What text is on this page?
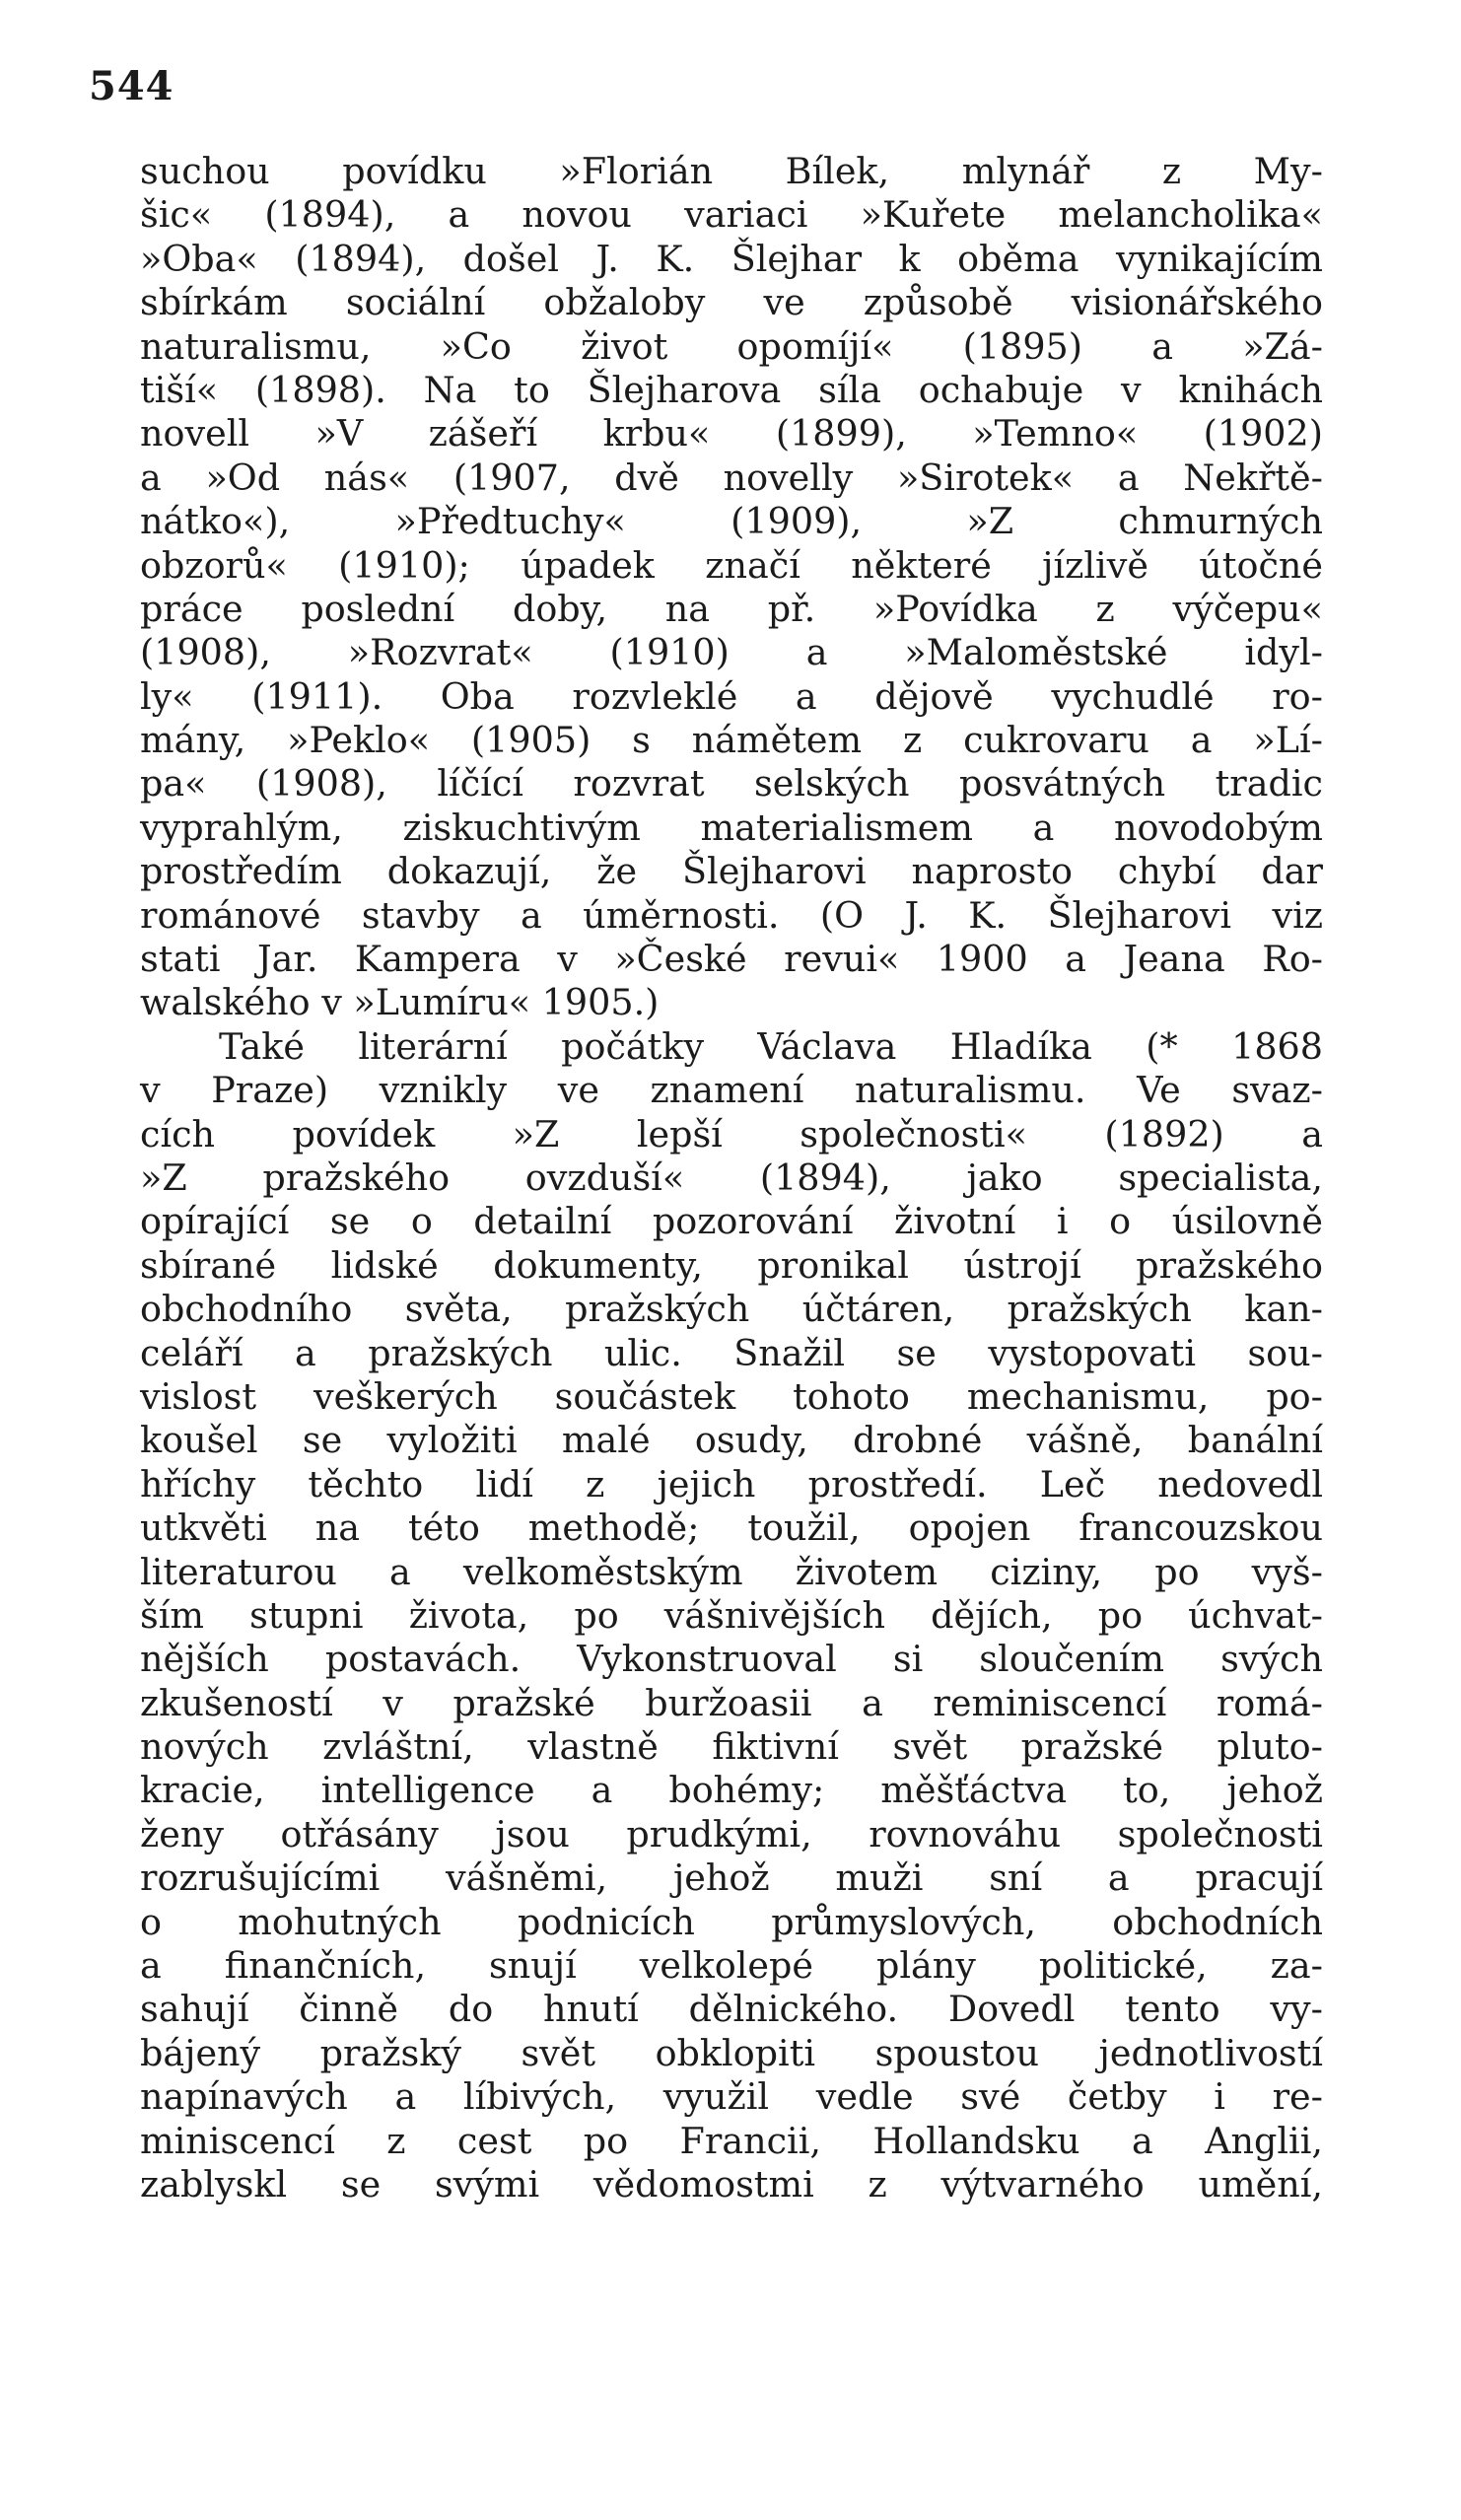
544
suchou povídku »Florián Bílek, mlynář z My-
šic« (1894), a novou variaci »Kuřete melancholika«
»Oba« (1894), došel J. K. Šlejhar k oběma vynikajícím
sbírkám sociální obžaloby ve způsobě visionářského
naturalismu, »Co život opomíjí« (1895) a »Zá-
tiší« (1898). Na to Šlejharova síla ochabuje v knihách
novell »V zášeří krbu« (1899), »Temno« (1902)
a »Od nás« (1907, dvě novelly »Sirotek« a Nekřtě-
nátko«), »Předtuchy« (1909), »Z chmurných
obzorů« (1910); úpadek značí některé jízlivě útočné
práce poslední doby, na př. »Povídka z výčepu«
(1908), »Rozvrat« (1910) a »Maloměstské idyl-
ly« (1911). Oba rozvleklé a dějově vychudlé ro-
mány, »Peklo« (1905) s námětem z cukrovaru a »Lí-
pa« (1908), líčící rozvrat selských posvátných tradic
vyprahlým, ziskuchtivým materialismem a novodobým
prostředím dokazují, že Šlejharovi naprosto chybí dar
románové stavby a úměrnosti. (O J. K. Šlejharovi viz
stati Jar. Kampera v »České revui« 1900 a Jeana Ro-
walského v »Lumíru« 1905.)
Také literární počátky Václava Hladíka (* 1868
v Praze) vznikly ve znamení naturalismu. Ve svaz-
cích povídek »Z lepší společnosti« (1892) a
»Z pražského ovzduší« (1894), jako specialista,
opírající se o detailní pozorování životní i o úsilovně
sbírané lidské dokumenty, pronikal ústrojí pražského
obchodního světa, pražských účtáren, pražských kan-
celáří a pražských ulic. Snažil se vystopovati sou-
vislost veškerých součástek tohoto mechanismu, po-
koušel se vyložiti malé osudy, drobné vášně, banální
hříchy těchto lidí z jejich prostředí. Leč nedovedl
utkvěti na této methodě; toužil, opojen francouzskou
literaturou a velkoměstským životem ciziny, po vyš-
ším stupni života, po vášnivějších dějích, po úchvat-
nějších postavách. Vykonstruoval si sloučením svých
zkušeností v pražské buržoasii a reminiscencí romá-
nových zvláštní, vlastně fiktivní svět pražské pluto-
kracie, intelligence a bohémy; měšťáctva to, jehož
ženy otřásány jsou prudkými, rovnováhu společnosti
rozrušujícími vášněmi, jehož muži sní a pracují
o mohutných podnicích průmyslových, obchodních
a finančních, snují velkolepé plány politické, za-
sahují činně do hnutí dělnického. Dovedl tento vy-
bájený pražský svět obklopiti spoustou jednotlivostí
napínavých a líbivých, využil vedle své četby i re-
miniscencí z cest po Francii, Hollandsku a Anglii,
zablyskl se svými vědomostmi z výtvarného umění,
